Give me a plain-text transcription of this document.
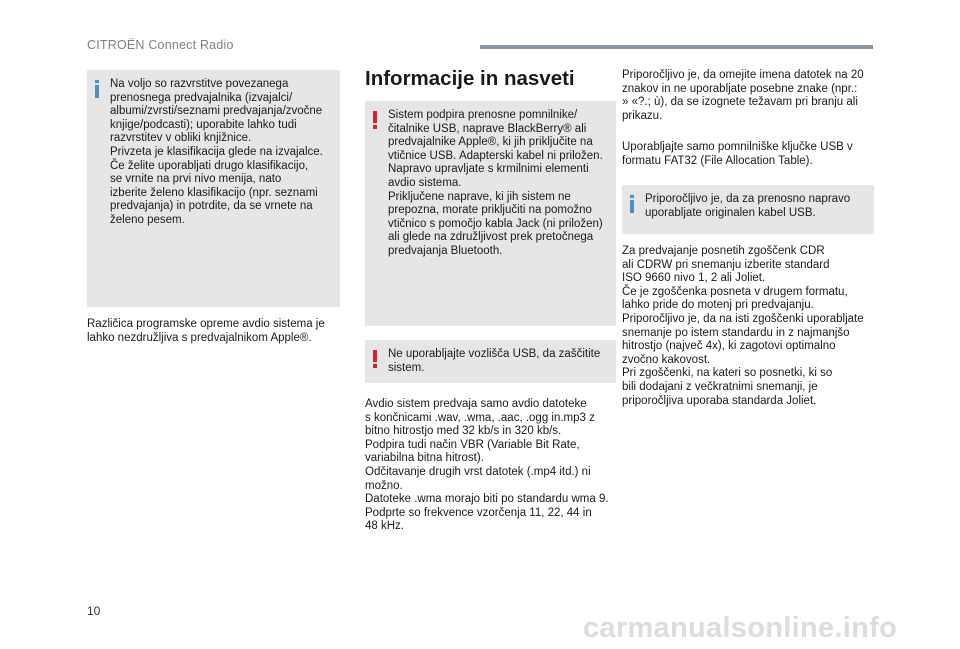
CITROËN Connect Radio
Na voljo so razvrstitve povezanega
prenosnega predvajalnika (izvajalci/
albumi/zvrsti/seznami predvajanja/zvočne
knjige/podcasti); uporabite lahko tudi
razvrstitev v obliki knjižnice.
Privzeta je klasifikacija glede na izvajalce.
Če želite uporabljati drugo klasifikacijo,
se vrnite na prvi nivo menija, nato
izberite želeno klasifikacijo (npr. seznami
predvajanja) in potrdite, da se vrnete na
želeno pesem.
Različica programske opreme avdio sistema je
lahko nezdružljiva s predvajalnikom Apple®.
Informacije in nasveti
Sistem podpira prenosne pomnilnike/
čitalnike USB, naprave BlackBerry® ali
predvajalnike Apple®, ki jih priključite na
vtičnice USB. Adapterski kabel ni priložen.
Napravo upravljate s krmilnimi elementi
avdio sistema.
Priključene naprave, ki jih sistem ne
prepozna, morate priključiti na pomožno
vtičnico s pomočjo kabla Jack (ni priložen)
ali glede na združljivost prek pretočnega
predvajanja Bluetooth.
Ne uporabljajte vozlišča USB, da zaščitite
sistem.
Avdio sistem predvaja samo avdio datoteke
s končnicami .wav, .wma, .aac, .ogg in.mp3 z
bitno hitrostjo med 32 kb/s in 320 kb/s.
Podpira tudi način VBR (Variable Bit Rate,
variabilna bitna hitrost).
Odčitavanje drugih vrst datotek (.mp4 itd.) ni
možno.
Datoteke .wma morajo biti po standardu wma 9.
Podprte so frekvence vzorčenja 11, 22, 44 in
48 kHz.
Priporočljivo je, da omejite imena datotek na 20
znakov in ne uporabljate posebne znake (npr.:
» «?.; ù), da se izognete težavam pri branju ali
prikazu.
Uporabljajte samo pomnilniške ključke USB v
formatu FAT32 (File Allocation Table).
Priporočljivo je, da za prenosno napravo
uporabljate originalen kabel USB.
Za predvajanje posnetih zgoščenk CDR
ali CDRW pri snemanju izberite standard
ISO 9660 nivo 1, 2 ali Joliet.
Če je zgoščenka posneta v drugem formatu,
lahko pride do motenj pri predvajanju.
Priporočljivo je, da na isti zgoščenki uporabljate
snemanje po istem standardu in z najmanjšo
hitrostjo (največ 4x), ki zagotovi optimalno
zvočno kakovost.
Pri zgoščenki, na kateri so posnetki, ki so
bili dodajani z večkratnimi snemanji, je
priporočljiva uporaba standarda Joliet.
10
carmanualsonline.info
